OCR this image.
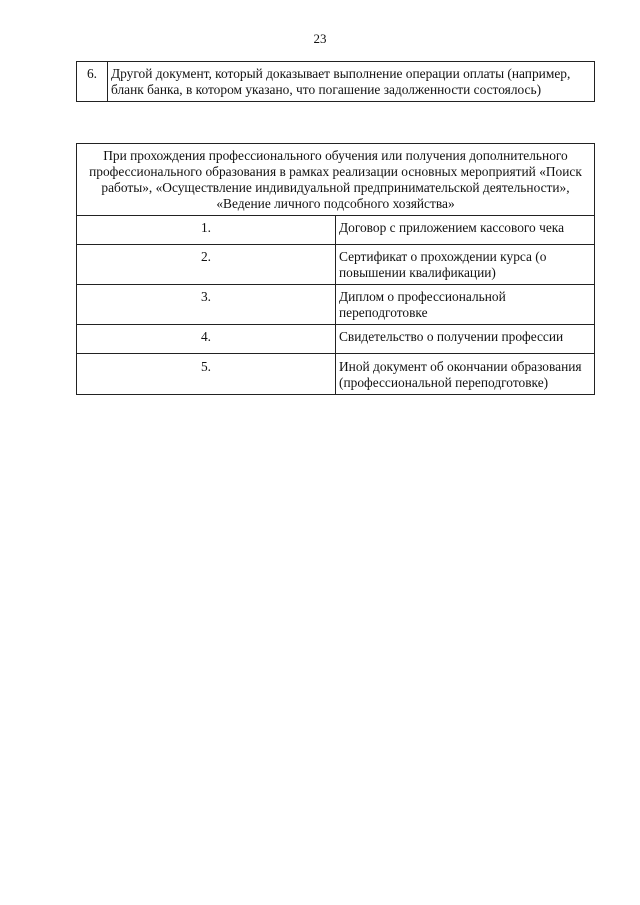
23
6.	Другой документ, который доказывает выполнение операции оплаты (например, бланк банка, в котором указано, что погашение задолженности состоялось)
При прохождения профессионального обучения или получения дополнительного профессионального образования в рамках реализации основных мероприятий «Поиск работы», «Осуществление индивидуальной предпринимательской деятельности», «Ведение личного подсобного хозяйства»	
1.	Договор с приложением кассового чека
2.	Сертификат о прохождении курса (о повышении квалификации)
3.	Диплом о профессиональной переподготовке
4.	Свидетельство о получении профессии
5.	Иной документ об окончании образования (профессиональной переподготовке)
